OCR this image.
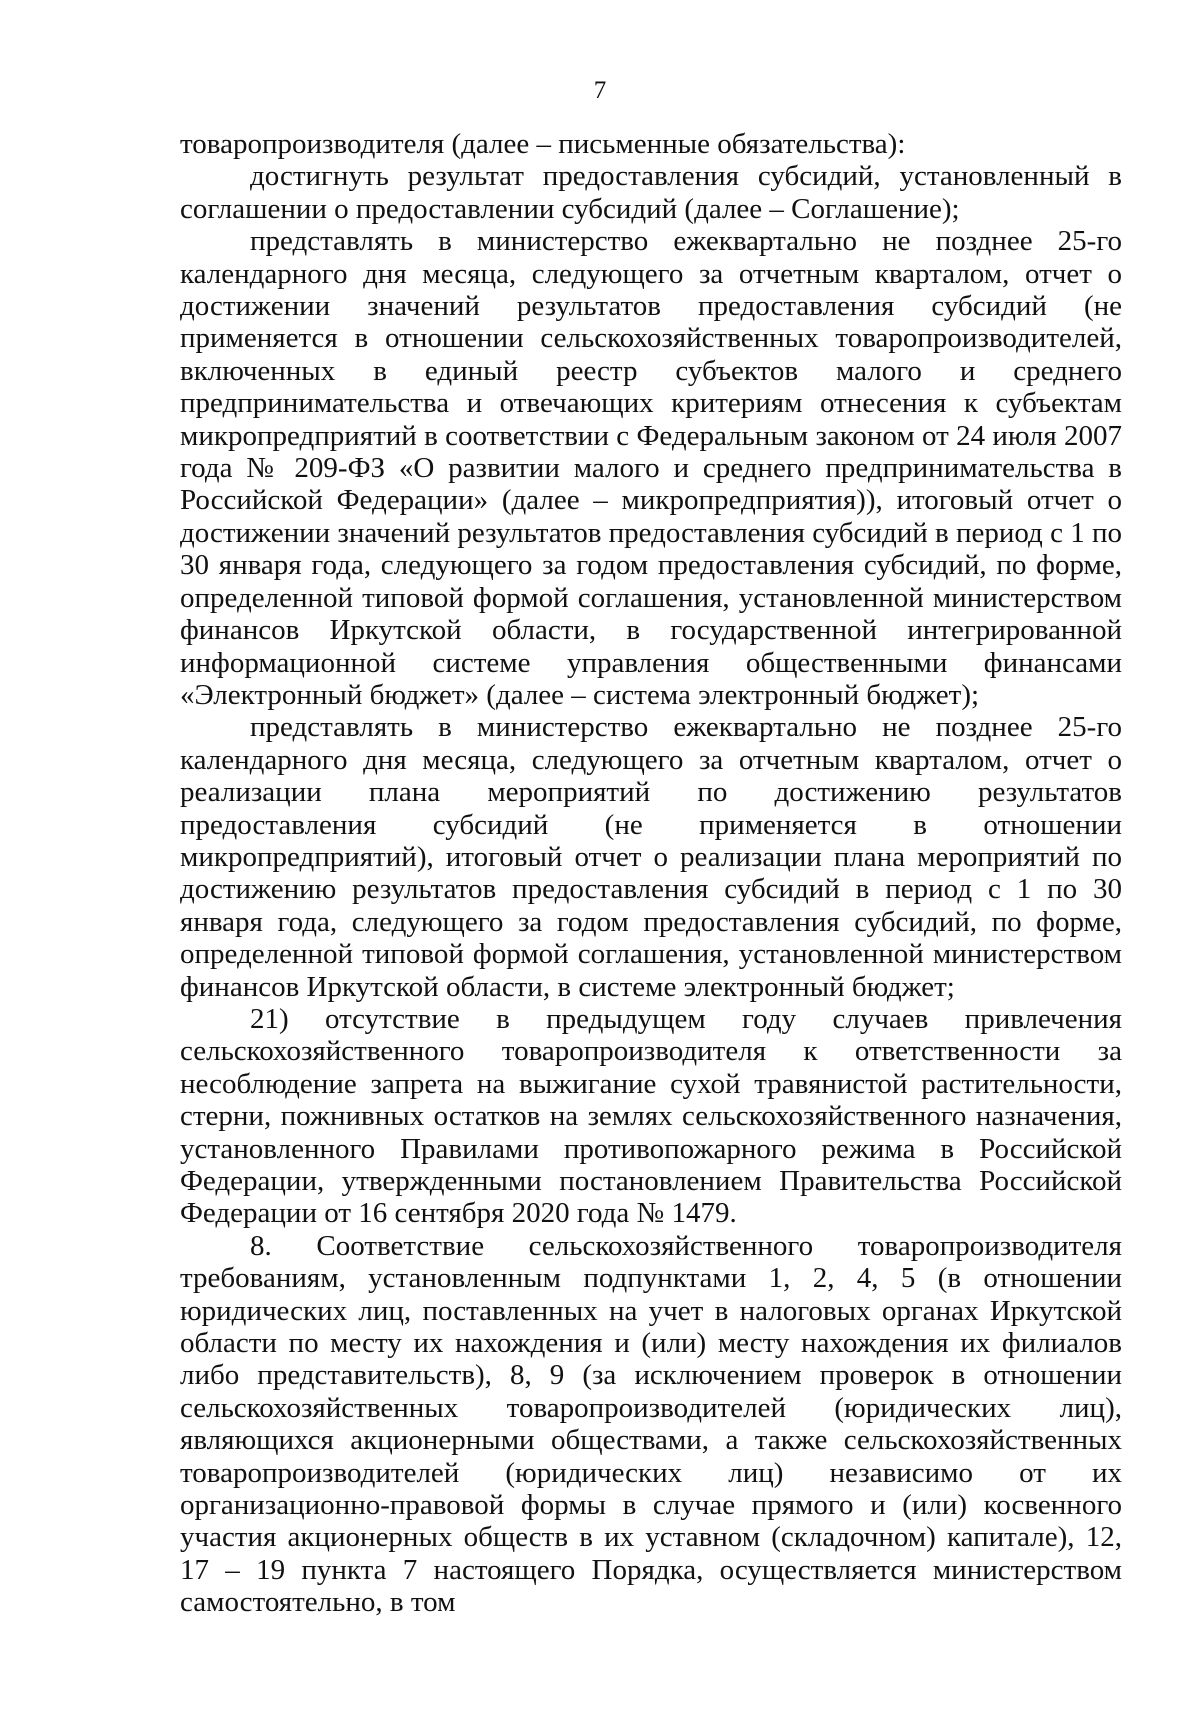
7

товаропроизводителя (далее – письменные обязательства):

достигнуть результат предоставления субсидий, установленный в соглашении о предоставлении субсидий (далее – Соглашение);

представлять в министерство ежеквартально не позднее 25-го календарного дня месяца, следующего за отчетным кварталом, отчет о достижении значений результатов предоставления субсидий (не применяется в отношении сельскохозяйственных товаропроизводителей, включенных в единый реестр субъектов малого и среднего предпринимательства и отвечающих критериям отнесения к субъектам микропредприятий в соответствии с Федеральным законом от 24 июля 2007 года № 209-ФЗ «О развитии малого и среднего предпринимательства в Российской Федерации» (далее – микропредприятия)), итоговый отчет о достижении значений результатов предоставления субсидий в период с 1 по 30 января года, следующего за годом предоставления субсидий, по форме, определенной типовой формой соглашения, установленной министерством финансов Иркутской области, в государственной интегрированной информационной системе управления общественными финансами «Электронный бюджет» (далее – система электронный бюджет);

представлять в министерство ежеквартально не позднее 25-го календарного дня месяца, следующего за отчетным кварталом, отчет о реализации плана мероприятий по достижению результатов предоставления субсидий (не применяется в отношении микропредприятий), итоговый отчет о реализации плана мероприятий по достижению результатов предоставления субсидий в период с 1 по 30 января года, следующего за годом предоставления субсидий, по форме, определенной типовой формой соглашения, установленной министерством финансов Иркутской области, в системе электронный бюджет;

21) отсутствие в предыдущем году случаев привлечения сельскохозяйственного товаропроизводителя к ответственности за несоблюдение запрета на выжигание сухой травянистой растительности, стерни, пожнивных остатков на землях сельскохозяйственного назначения, установленного Правилами противопожарного режима в Российской Федерации, утвержденными постановлением Правительства Российской Федерации от 16 сентября 2020 года № 1479.

8. Соответствие сельскохозяйственного товаропроизводителя требованиям, установленным подпунктами 1, 2, 4, 5 (в отношении юридических лиц, поставленных на учет в налоговых органах Иркутской области по месту их нахождения и (или) месту нахождения их филиалов либо представительств), 8, 9 (за исключением проверок в отношении сельскохозяйственных товаропроизводителей (юридических лиц), являющихся акционерными обществами, а также сельскохозяйственных товаропроизводителей (юридических лиц) независимо от их организационно-правовой формы в случае прямого и (или) косвенного участия акционерных обществ в их уставном (складочном) капитале), 12, 17 – 19 пункта 7 настоящего Порядка, осуществляется министерством самостоятельно, в том
